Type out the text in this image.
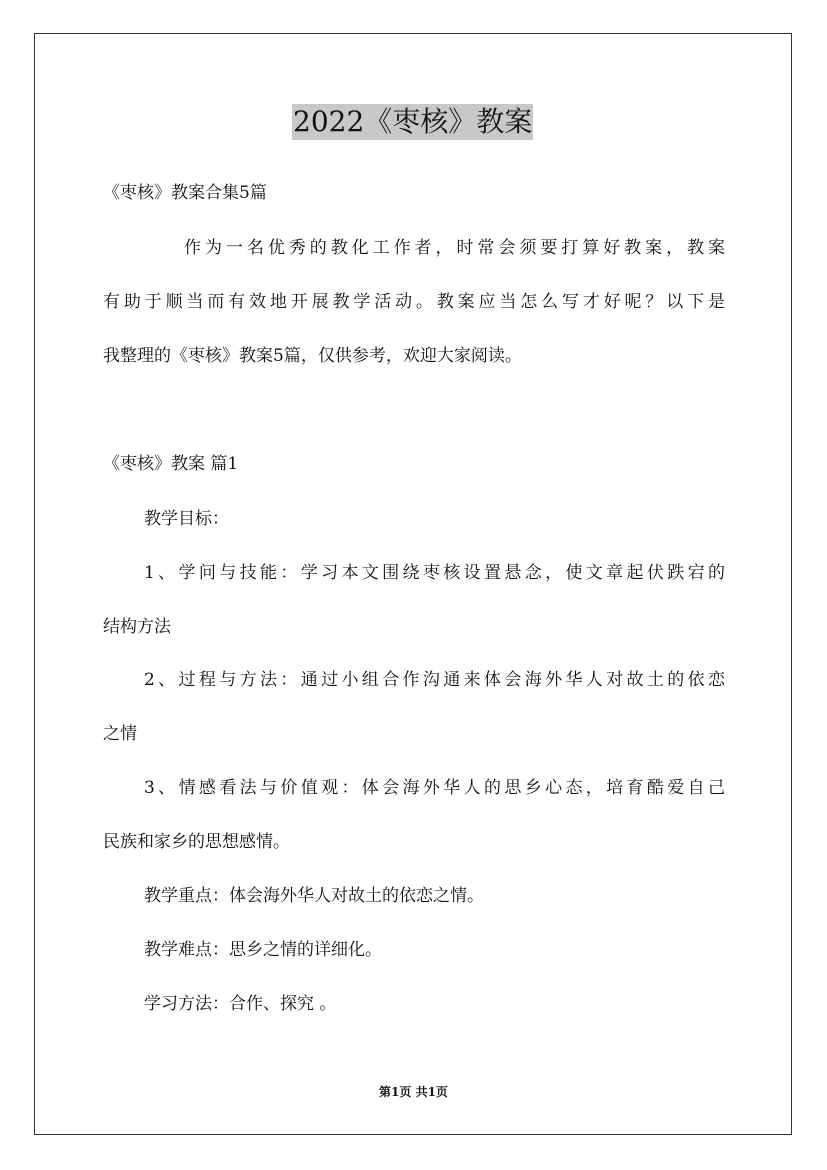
2022《枣核》教案
《枣核》教案合集5篇
作为一名优秀的教化工作者，时常会须要打算好教案，教案
有助于顺当而有效地开展教学活动。教案应当怎么写才好呢？以下是
我整理的《枣核》教案5篇，仅供参考，欢迎大家阅读。
《枣核》教案 篇1
教学目标：
1、学问与技能：学习本文围绕枣核设置悬念，使文章起伏跌宕的
结构方法
2、过程与方法：通过小组合作沟通来体会海外华人对故土的依恋
之情
3、情感看法与价值观：体会海外华人的思乡心态，培育酷爱自己
民族和家乡的思想感情。
教学重点：体会海外华人对故土的依恋之情。
教学难点：思乡之情的详细化。
学习方法：合作、探究 。
第1页 共1页
